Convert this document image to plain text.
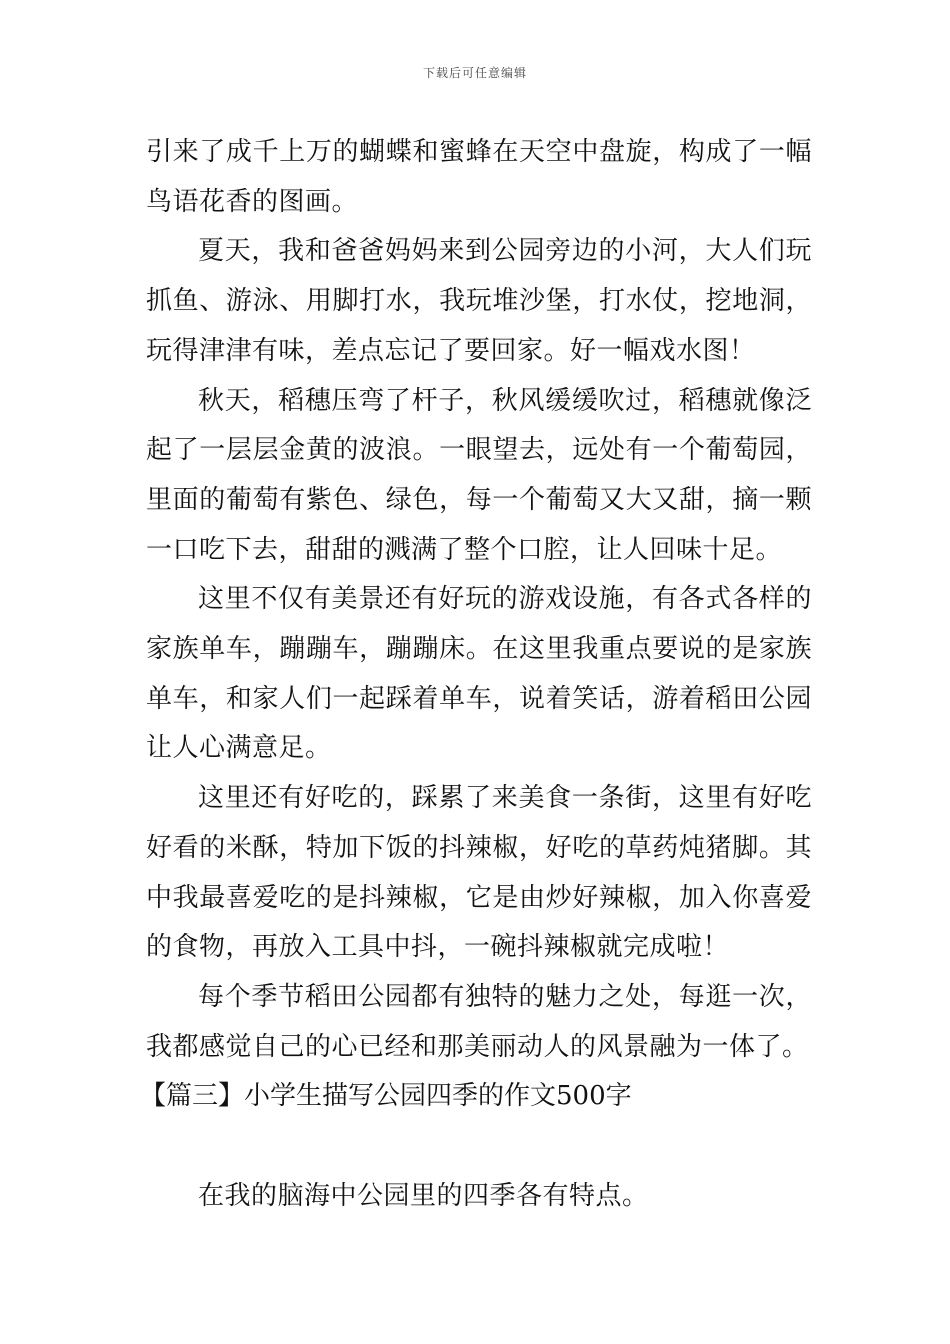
下载后可任意编辑

引来了成千上万的蝴蝶和蜜蜂在天空中盘旋，构成了一幅鸟语花香的图画。

夏天，我和爸爸妈妈来到公园旁边的小河，大人们玩抓鱼、游泳、用脚打水，我玩堆沙堡，打水仗，挖地洞，玩得津津有味，差点忘记了要回家。好一幅戏水图！

秋天，稻穗压弯了杆子，秋风缓缓吹过，稻穗就像泛起了一层层金黄的波浪。一眼望去，远处有一个葡萄园，里面的葡萄有紫色、绿色，每一个葡萄又大又甜，摘一颗一口吃下去，甜甜的溅满了整个口腔，让人回味十足。

这里不仅有美景还有好玩的游戏设施，有各式各样的家族单车，蹦蹦车，蹦蹦床。在这里我重点要说的是家族单车，和家人们一起踩着单车，说着笑话，游着稻田公园让人心满意足。

这里还有好吃的，踩累了来美食一条街，这里有好吃好看的米酥，特加下饭的抖辣椒，好吃的草药炖猪脚。其中我最喜爱吃的是抖辣椒，它是由炒好辣椒，加入你喜爱的食物，再放入工具中抖，一碗抖辣椒就完成啦！

每个季节稻田公园都有独特的魅力之处，每逛一次，我都感觉自己的心已经和那美丽动人的风景融为一体了。

【篇三】小学生描写公园四季的作文500字

在我的脑海中公园里的四季各有特点。
